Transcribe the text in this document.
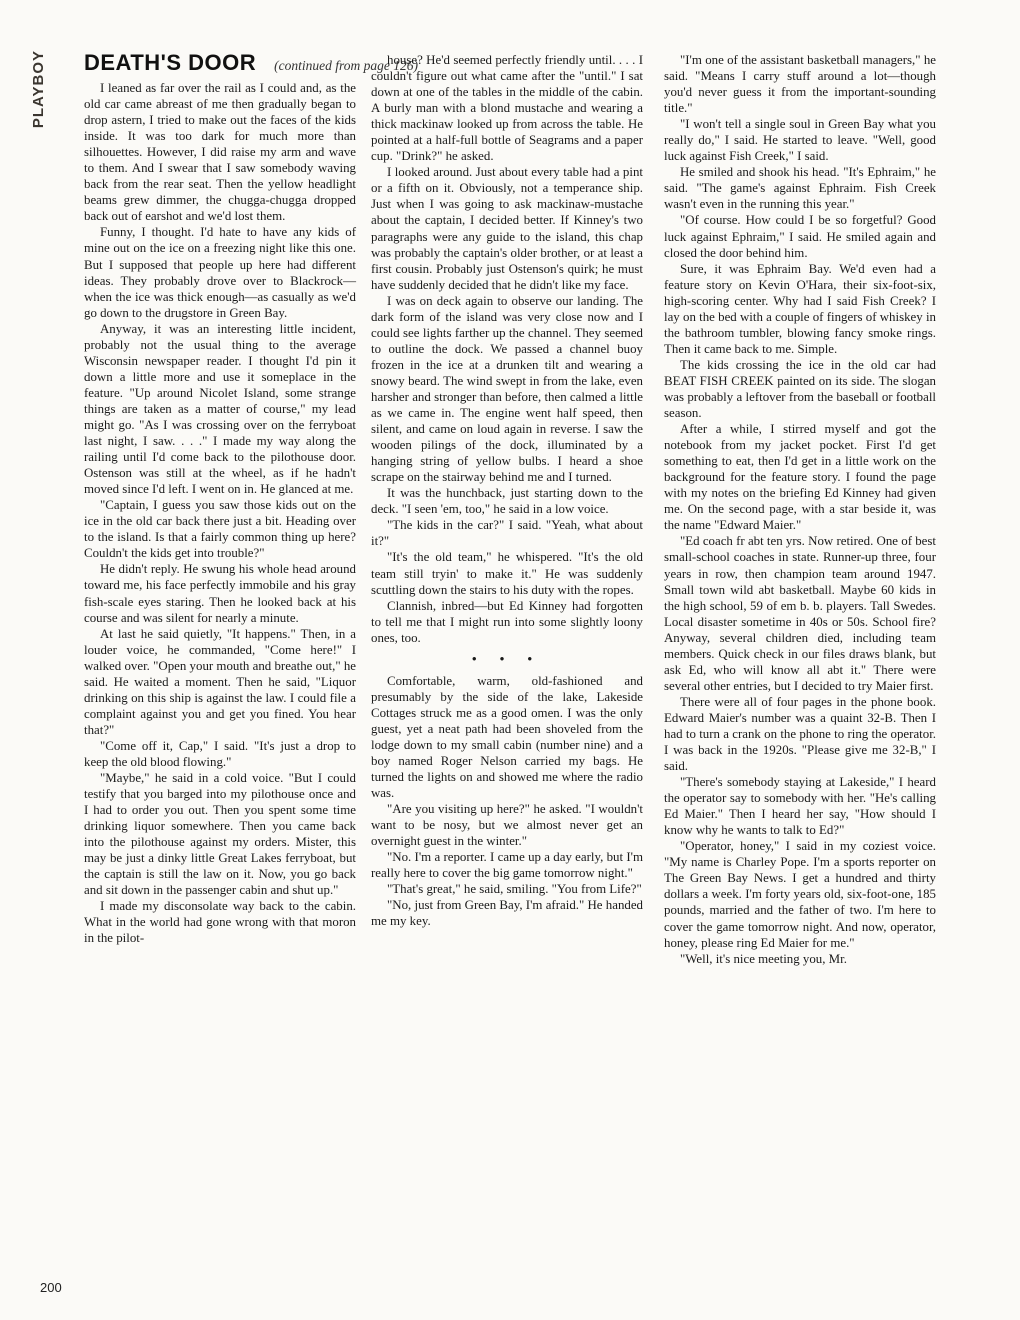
PLAYBOY	DEATH'S DOOR (continued from page 126)

I leaned as far over the rail as I could and, as the old car came abreast of me then gradually began to drop astern, I tried to make out the faces of the kids inside. It was too dark for much more than silhouettes. However, I did raise my arm and wave to them. And I swear that I saw somebody waving back from the rear seat. Then the yellow headlight beams grew dimmer, the chugga-chugga dropped back out of earshot and we'd lost them.

Funny, I thought. I'd hate to have any kids of mine out on the ice on a freezing night like this one. But I supposed that people up here had different ideas. They probably drove over to Blackrock—when the ice was thick enough—as casually as we'd go down to the drugstore in Green Bay.

Anyway, it was an interesting little incident, probably not the usual thing to the average Wisconsin newspaper reader. I thought I'd pin it down a little more and use it someplace in the feature. "Up around Nicolet Island, some strange things are taken as a matter of course," my lead might go. "As I was crossing over on the ferryboat last night, I saw. . . ." I made my way along the railing until I'd come back to the pilothouse door. Ostenson was still at the wheel, as if he hadn't moved since I'd left. I went on in. He glanced at me.

"Captain, I guess you saw those kids out on the ice in the old car back there just a bit. Heading over to the island. Is that a fairly common thing up here? Couldn't the kids get into trouble?"

He didn't reply. He swung his whole head around toward me, his face perfectly immobile and his gray fish-scale eyes staring. Then he looked back at his course and was silent for nearly a minute.

At last he said quietly, "It happens." Then, in a louder voice, he commanded, "Come here!" I walked over. "Open your mouth and breathe out," he said. He waited a moment. Then he said, "Liquor drinking on this ship is against the law. I could file a complaint against you and get you fined. You hear that?"

"Come off it, Cap," I said. "It's just a drop to keep the old blood flowing."

"Maybe," he said in a cold voice. "But I could testify that you barged into my pilothouse once and I had to order you out. Then you spent some time drinking liquor somewhere. Then you came back into the pilothouse against my orders. Mister, this may be just a dinky little Great Lakes ferryboat, but the captain is still the law on it. Now, you go back and sit down in the passenger cabin and shut up."

I made my disconsolate way back to the cabin. What in the world had gone wrong with that moron in the pilot-

house? He'd seemed perfectly friendly until. . . . I couldn't figure out what came after the "until." I sat down at one of the tables in the middle of the cabin. A burly man with a blond mustache and wearing a thick mackinaw looked up from across the table. He pointed at a half-full bottle of Seagrams and a paper cup. "Drink?" he asked.

I looked around. Just about every table had a pint or a fifth on it. Obviously, not a temperance ship. Just when I was going to ask mackinaw-mustache about the captain, I decided better. If Kinney's two paragraphs were any guide to the island, this chap was probably the captain's older brother, or at least a first cousin. Probably just Ostenson's quirk; he must have suddenly decided that he didn't like my face.

I was on deck again to observe our landing. The dark form of the island was very close now and I could see lights farther up the channel. They seemed to outline the dock. We passed a channel buoy frozen in the ice at a drunken tilt and wearing a snowy beard. The wind swept in from the lake, even harsher and stronger than before, then calmed a little as we came in. The engine went half speed, then silent, and came on loud again in reverse. I saw the wooden pilings of the dock, illuminated by a hanging string of yellow bulbs. I heard a shoe scrape on the stairway behind me and I turned.

It was the hunchback, just starting down to the deck. "I seen 'em, too," he said in a low voice.

"The kids in the car?" I said. "Yeah, what about it?"

"It's the old team," he whispered. "It's the old team still tryin' to make it." He was suddenly scuttling down the stairs to his duty with the ropes.

Clannish, inbred—but Ed Kinney had forgotten to tell me that I might run into some slightly loony ones, too.

• • •

Comfortable, warm, old-fashioned and presumably by the side of the lake, Lakeside Cottages struck me as a good omen. I was the only guest, yet a neat path had been shoveled from the lodge down to my small cabin (number nine) and a boy named Roger Nelson carried my bags. He turned the lights on and showed me where the radio was.

"Are you visiting up here?" he asked. "I wouldn't want to be nosy, but we almost never get an overnight guest in the winter."

"No. I'm a reporter. I came up a day early, but I'm really here to cover the big game tomorrow night."

"That's great," he said, smiling. "You from Life?"

"No, just from Green Bay, I'm afraid." He handed me my key.

"I'm one of the assistant basketball managers," he said. "Means I carry stuff around a lot—though you'd never guess it from the important-sounding title."

"I won't tell a single soul in Green Bay what you really do," I said. He started to leave. "Well, good luck against Fish Creek," I said.

He smiled and shook his head. "It's Ephraim," he said. "The game's against Ephraim. Fish Creek wasn't even in the running this year."

"Of course. How could I be so forgetful? Good luck against Ephraim," I said. He smiled again and closed the door behind him.

Sure, it was Ephraim Bay. We'd even had a feature story on Kevin O'Hara, their six-foot-six, high-scoring center. Why had I said Fish Creek? I lay on the bed with a couple of fingers of whiskey in the bathroom tumbler, blowing fancy smoke rings. Then it came back to me. Simple.

The kids crossing the ice in the old car had BEAT FISH CREEK painted on its side. The slogan was probably a leftover from the baseball or football season.

After a while, I stirred myself and got the notebook from my jacket pocket. First I'd get something to eat, then I'd get in a little work on the background for the feature story. I found the page with my notes on the briefing Ed Kinney had given me. On the second page, with a star beside it, was the name "Edward Maier."

"Ed coach fr abt ten yrs. Now retired. One of best small-school coaches in state. Runner-up three, four years in row, then champion team around 1947. Small town wild abt basketball. Maybe 60 kids in the high school, 59 of em b. b. players. Tall Swedes. Local disaster sometime in 40s or 50s. School fire? Anyway, several children died, including team members. Quick check in our files draws blank, but ask Ed, who will know all abt it." There were several other entries, but I decided to try Maier first.

There were all of four pages in the phone book. Edward Maier's number was a quaint 32-B. Then I had to turn a crank on the phone to ring the operator. I was back in the 1920s. "Please give me 32-B," I said.

"There's somebody staying at Lakeside," I heard the operator say to somebody with her. "He's calling Ed Maier." Then I heard her say, "How should I know why he wants to talk to Ed?"

"Operator, honey," I said in my coziest voice. "My name is Charley Pope. I'm a sports reporter on The Green Bay News. I get a hundred and thirty dollars a week. I'm forty years old, six-foot-one, 185 pounds, married and the father of two. I'm here to cover the game tomorrow night. And now, operator, honey, please ring Ed Maier for me."

"Well, it's nice meeting you, Mr.

200
